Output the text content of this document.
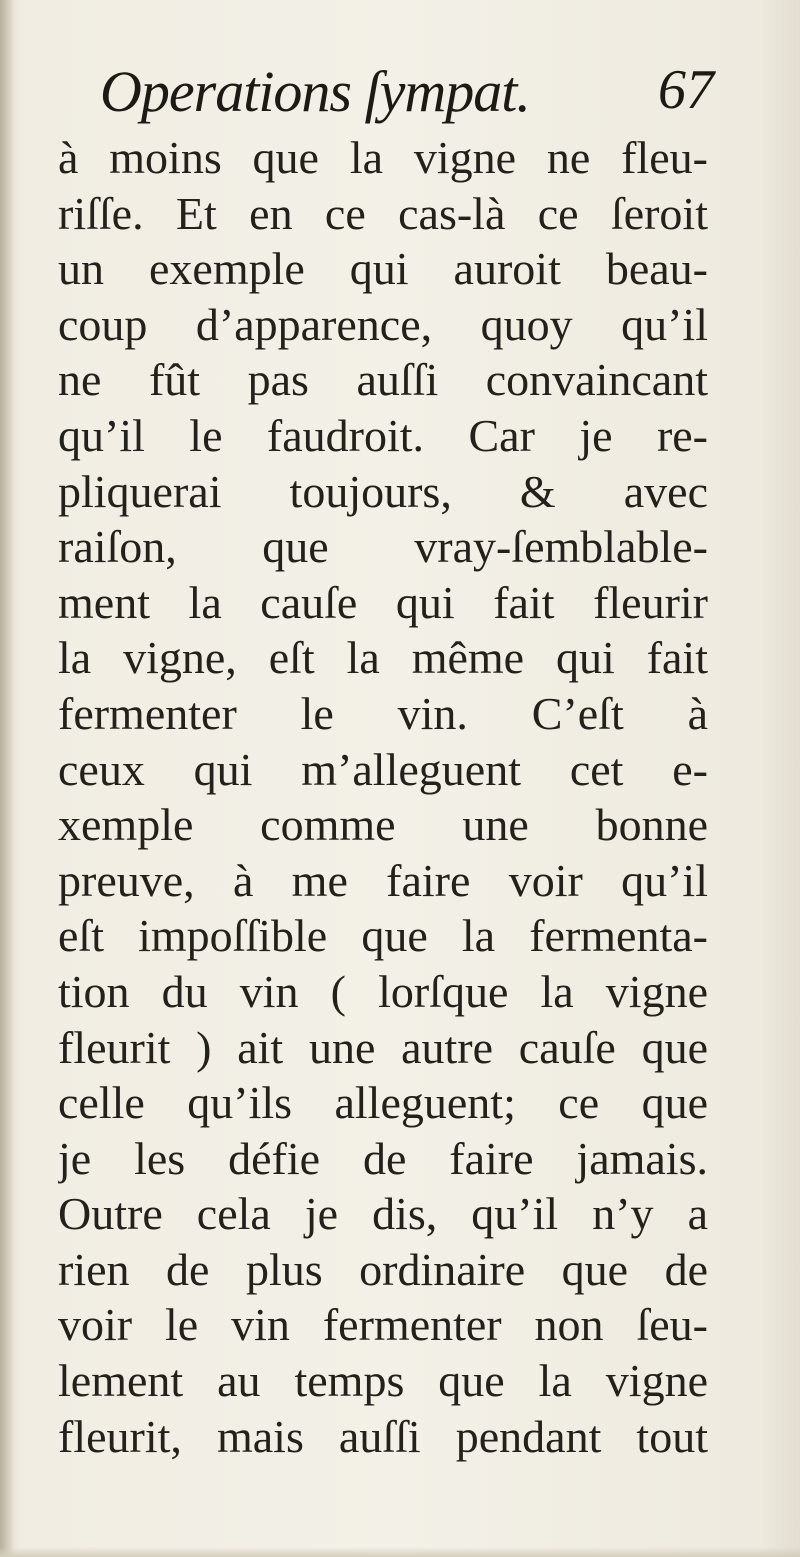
Operations ſympat. 67
à moins que la vigne ne fleu-
riſſe. Et en ce cas-là ce ſeroit
un exemple qui auroit beau-
coup d’apparence, quoy qu’il
ne fût pas auſſi convaincant
qu’il le faudroit. Car je re-
pliquerai toujours, & avec
raiſon, que vray-ſemblable-
ment la cauſe qui fait fleurir
la vigne, eſt la même qui fait
fermenter le vin. C’eſt à
ceux qui m’alleguent cet e-
xemple comme une bonne
preuve, à me faire voir qu’il
eſt impoſſible que la fermenta-
tion du vin ( lorſque la vigne
fleurit ) ait une autre cauſe que
celle qu’ils alleguent; ce que
je les défie de faire jamais.
Outre cela je dis, qu’il n’y a
rien de plus ordinaire que de
voir le vin fermenter non ſeu-
lement au temps que la vigne
fleurit, mais auſſi pendant tout
